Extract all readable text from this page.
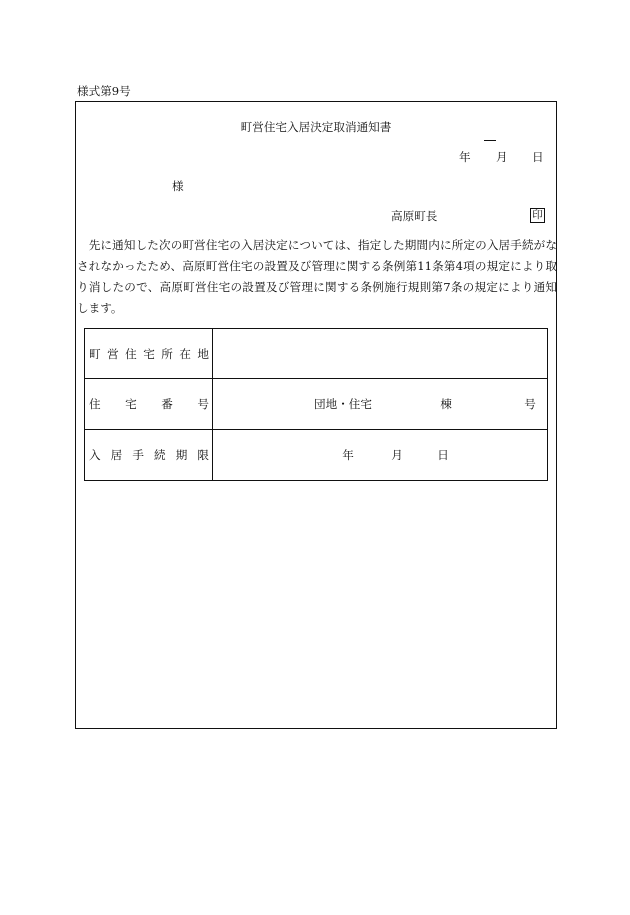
様式第9号
町営住宅入居決定取消通知書
年 月 日
様
高原町長	印
　先に通知した次の町営住宅の入居決定については、指定した期間内に所定の入居手続がな
されなかったため、高原町営住宅の設置及び管理に関する条例第11条第4項の規定により取
り消したので、高原町営住宅の設置及び管理に関する条例施行規則第7条の規定により通知
します。
町営住宅所在地
住宅番号	団地・住宅	棟	号
入居手続期限	年	月	日
